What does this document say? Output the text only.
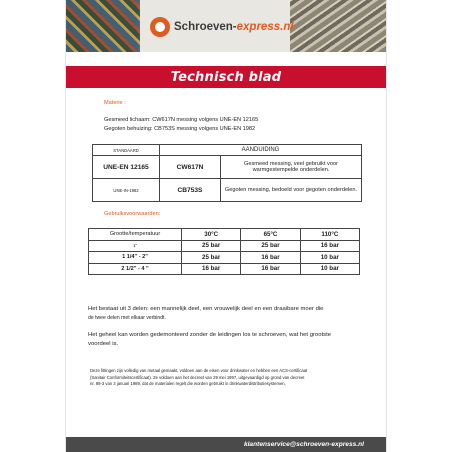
Schroeven-express.nl
Technisch blad
Materie :
Gesmeed lichaam: CW617N messing volgens UNE-EN 12165
Gegoten behuizing: CB753S messing volgens UNE-EN 1982
STANDAARD	AANDUIDING	
UNE-EN 12165	CW617N	Gesmeed messing, veel gebruikt voor warmgestempelde onderdelen.
UNE-IN-1982	CB753S	Gegoten messing, bedoeld voor gegoten onderdelen.
Gebruiksvoorwaarden:
Grootte/temperatuur	30°C	65°C	110°C
1"	25 bar	25 bar	16 bar
1 1/4" - 2"	25 bar	16 bar	10 bar
2 1/2" - 4 "	16 bar	16 bar	10 bar
Het bestaat uit 3 delen: een mannelijk deel, een vrouwelijk deel en een draaibare moer die
de twee delen met elkaar verbindt.
Het geheel kan worden gedemonteerd zonder de leidingen los te schroeven, wat het grootste
voordeel is.
Deze fittingen zijn volledig van metaal gemaakt, voldoen aan de eisen voor drinkwater en hebben een ACS-certificaat
(Sanitair Conformiteitscertificaat). Ze voldoen aan het decreet van 29 mei 1997, uitgevaardigd op grond van decreet
nr. 89-3 van 3 januari 1989, dat de materialen regelt die worden gebruikt in drinkwaterdistributiesystemen.
klantenservice@schroeven-express.nl
